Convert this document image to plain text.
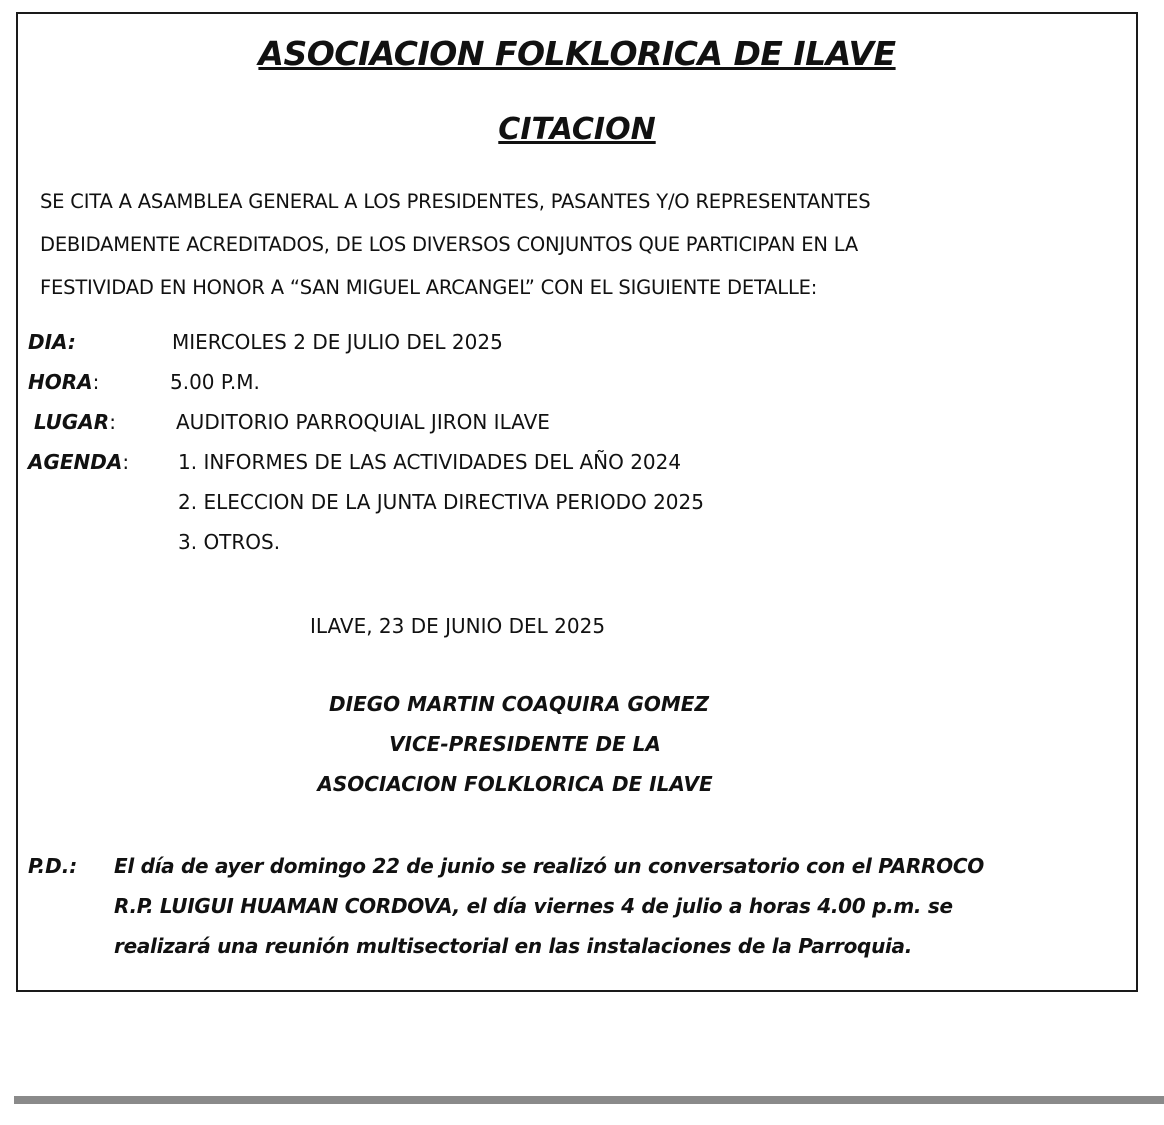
ASOCIACION FOLKLORICA DE ILAVE
CITACION
SE CITA A ASAMBLEA GENERAL A LOS PRESIDENTES, PASANTES Y/O REPRESENTANTES
DEBIDAMENTE ACREDITADOS, DE LOS DIVERSOS CONJUNTOS QUE PARTICIPAN EN LA
FESTIVIDAD EN HONOR A “SAN MIGUEL ARCANGEL” CON EL SIGUIENTE DETALLE:
DIA:	MIERCOLES 2 DE JULIO DEL 2025
HORA:	5.00 P.M.
LUGAR:	AUDITORIO PARROQUIAL JIRON ILAVE
AGENDA: 1. INFORMES DE LAS ACTIVIDADES DEL AÑO 2024
2. ELECCION DE LA JUNTA DIRECTIVA PERIODO 2025
3. OTROS.
ILAVE, 23 DE JUNIO DEL 2025
DIEGO MARTIN COAQUIRA GOMEZ
VICE-PRESIDENTE DE LA
ASOCIACION FOLKLORICA DE ILAVE
P.D.: El día de ayer domingo 22 de junio se realizó un conversatorio con el PARROCO
R.P. LUIGUI HUAMAN CORDOVA, el día viernes 4 de julio a horas 4.00 p.m. se
realizará una reunión multisectorial en las instalaciones de la Parroquia.
